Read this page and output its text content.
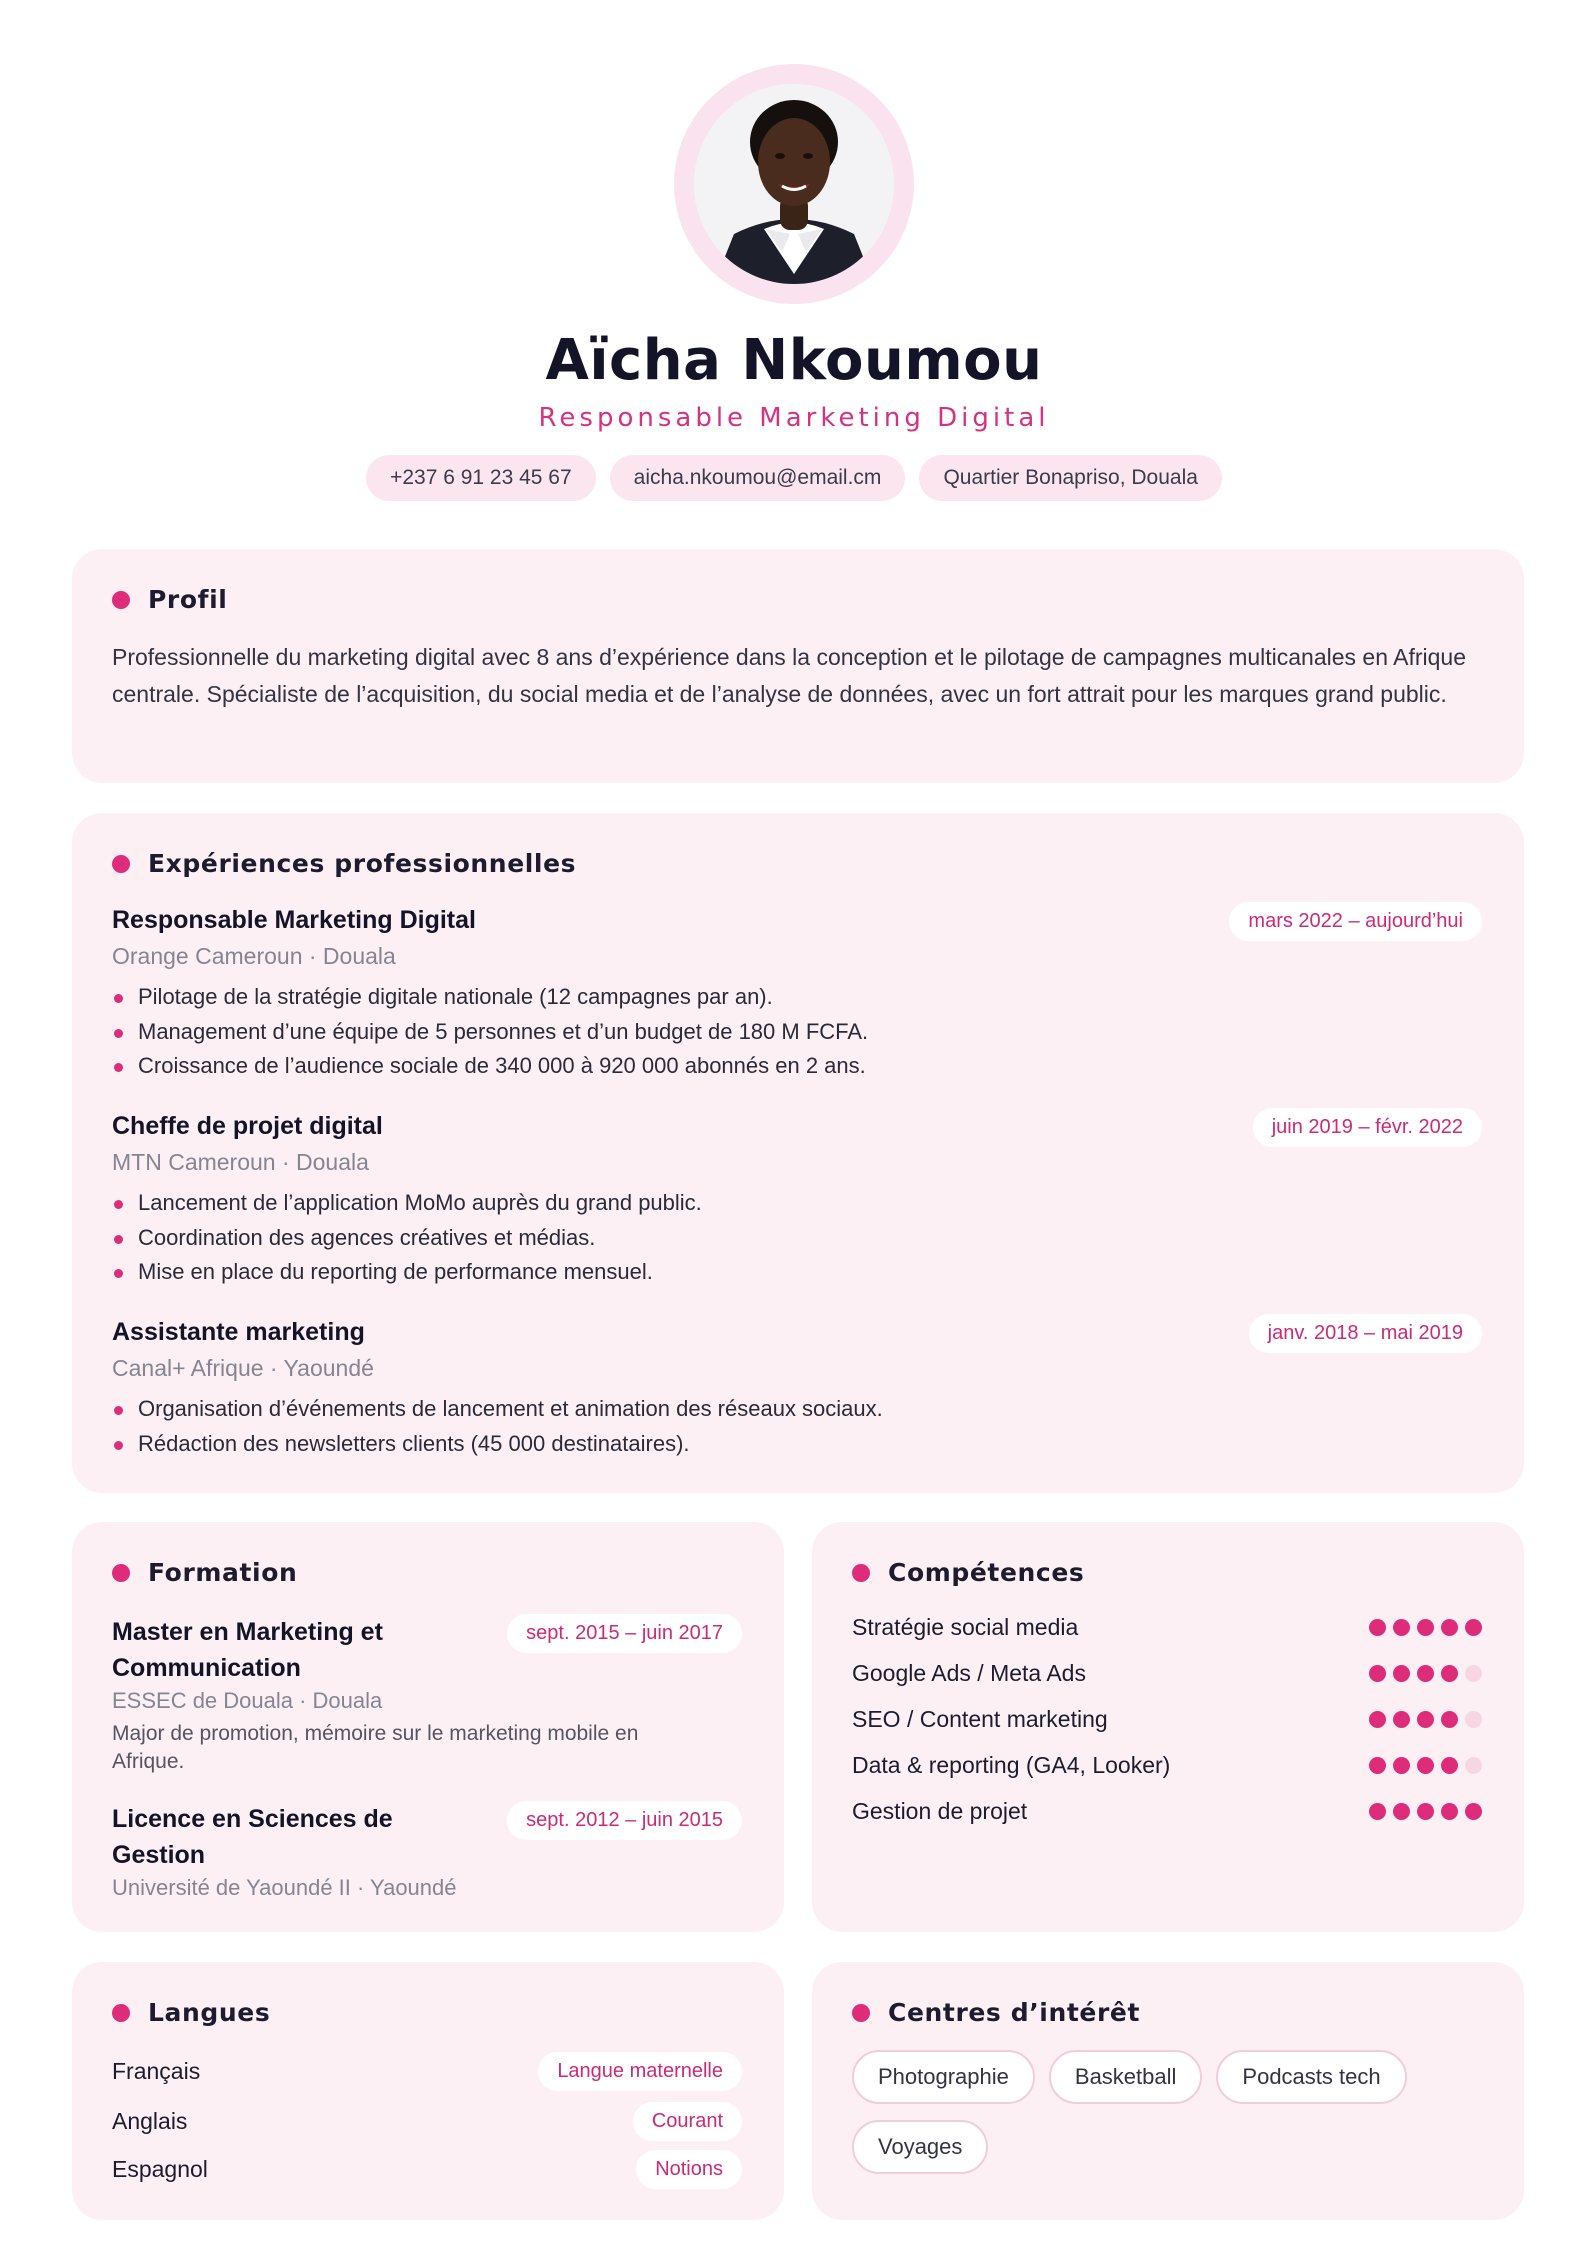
Aïcha Nkoumou
Responsable Marketing Digital
+237 6 91 23 45 67	aicha.nkoumou@email.cm	Quartier Bonapriso, Douala
Profil
Professionnelle du marketing digital avec 8 ans d’expérience dans la conception et le pilotage de campagnes multicanales en Afrique centrale. Spécialiste de l’acquisition, du social media et de l’analyse de données, avec un fort attrait pour les marques grand public.
Expériences professionnelles
Responsable Marketing Digital
Orange Cameroun · Douala
mars 2022 – aujourd’hui
Pilotage de la stratégie digitale nationale (12 campagnes par an).
Management d’une équipe de 5 personnes et d’un budget de 180 M FCFA.
Croissance de l’audience sociale de 340 000 à 920 000 abonnés en 2 ans.
Cheffe de projet digital
MTN Cameroun · Douala
juin 2019 – févr. 2022
Lancement de l’application MoMo auprès du grand public.
Coordination des agences créatives et médias.
Mise en place du reporting de performance mensuel.
Assistante marketing
Canal+ Afrique · Yaoundé
janv. 2018 – mai 2019
Organisation d’événements de lancement et animation des réseaux sociaux.
Rédaction des newsletters clients (45 000 destinataires).
Formation
Master en Marketing et Communication
ESSEC de Douala · Douala
Major de promotion, mémoire sur le marketing mobile en Afrique.
sept. 2015 – juin 2017
Licence en Sciences de Gestion
Université de Yaoundé II · Yaoundé
sept. 2012 – juin 2015
Compétences
Stratégie social media
Google Ads / Meta Ads
SEO / Content marketing
Data & reporting (GA4, Looker)
Gestion de projet
Langues
Français	Langue maternelle
Anglais	Courant
Espagnol	Notions
Centres d’intérêt
Photographie	Basketball	Podcasts tech
Voyages
